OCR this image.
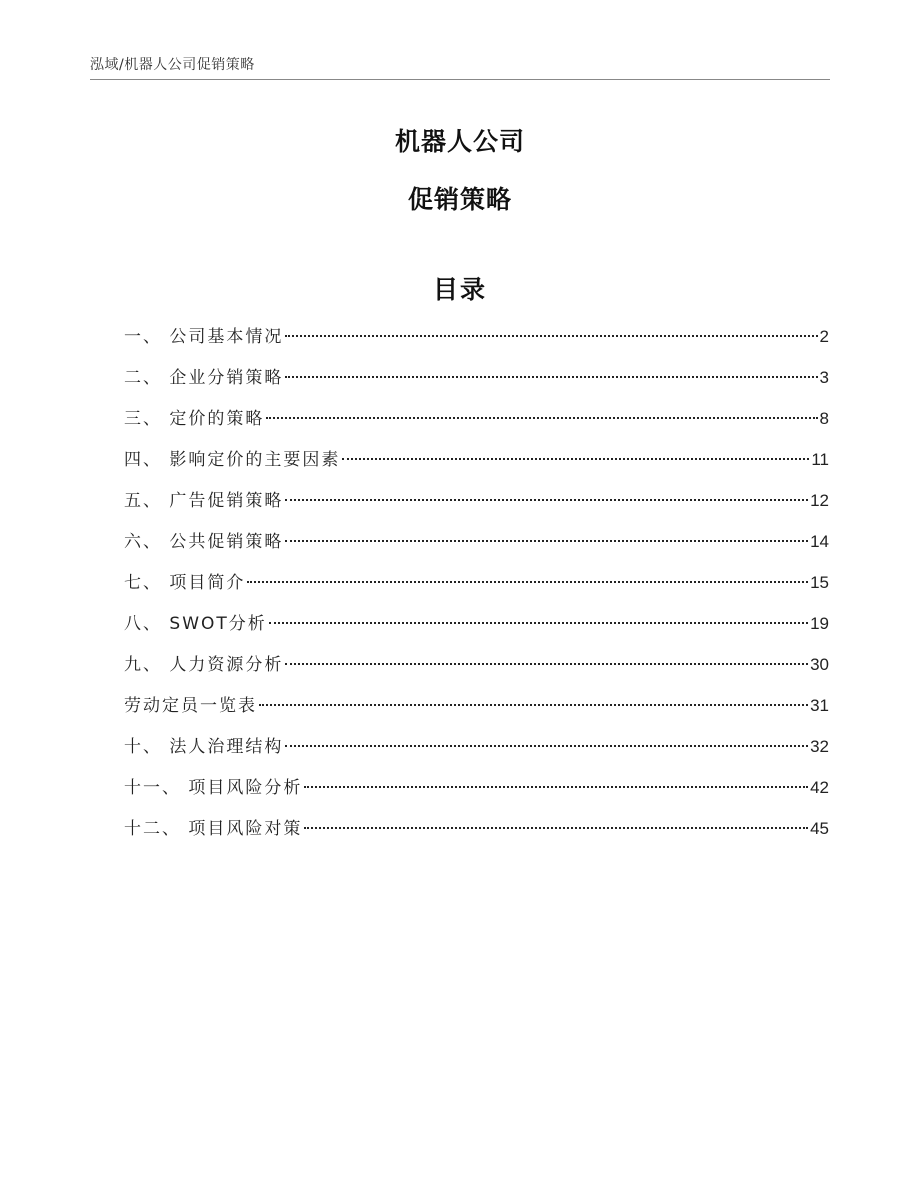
泓域/机器人公司促销策略
机器人公司
促销策略
目录
一、 公司基本情况	2
二、 企业分销策略	3
三、 定价的策略	8
四、 影响定价的主要因素	11
五、 广告促销策略	12
六、 公共促销策略	14
七、 项目简介	15
八、 SWOT分析	19
九、 人力资源分析	30
劳动定员一览表	31
十、 法人治理结构	32
十一、 项目风险分析	42
十二、 项目风险对策	45
